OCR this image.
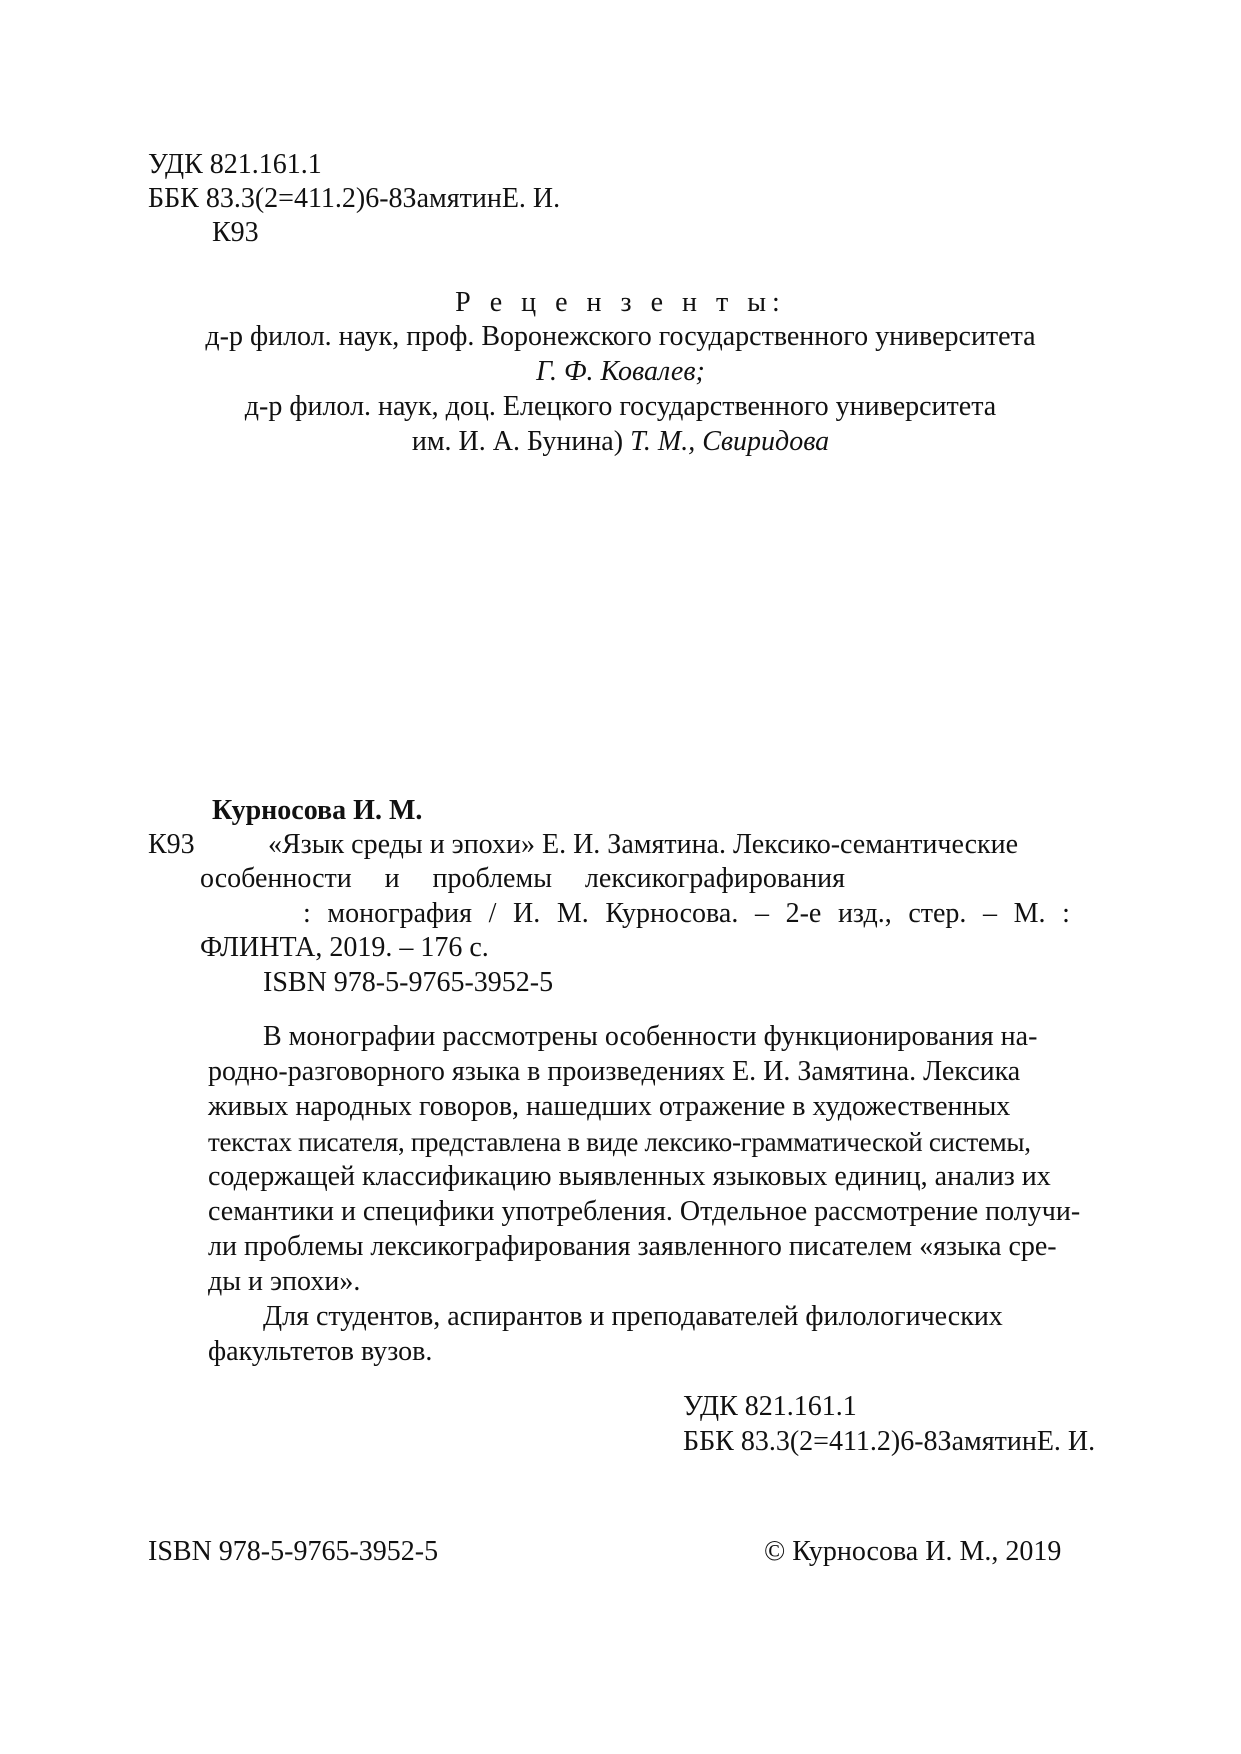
УДК 821.161.1
ББК 83.3(2=411.2)6-8ЗамятинЕ. И.
К93
Р е ц е н з е н т ы:
д-р филол. наук, проф. Воронежского государственного университета
Г. Ф. Ковалев;
д-р филол. наук, доц. Елецкого государственного университета
им. И. А. Бунина) Т. М., Свиридова
Курносова И. М.
К93	«Язык среды и эпохи» Е. И. Замятина. Лексико-семантические
особенности и проблемы лексикографирования
: монография / И. М. Курносова. – 2-е изд., стер. – М. :
ФЛИНТА, 2019. – 176 с.
ISBN 978-5-9765-3952-5
В монографии рассмотрены особенности функционирования на-
родно-разговорного языка в произведениях Е. И. Замятина. Лексика
живых народных говоров, нашедших отражение в художественных
текстах писателя, представлена в виде лексико-грамматической системы,
содержащей классификацию выявленных языковых единиц, анализ их
семантики и специфики употребления. Отдельное рассмотрение получи-
ли проблемы лексикографирования заявленного писателем «языка сре-
ды и эпохи».
Для студентов, аспирантов и преподавателей филологических
факультетов вузов.
УДК 821.161.1
ББК 83.3(2=411.2)6-8ЗамятинЕ. И.
ISBN 978-5-9765-3952-5	© Курносова И. М., 2019
